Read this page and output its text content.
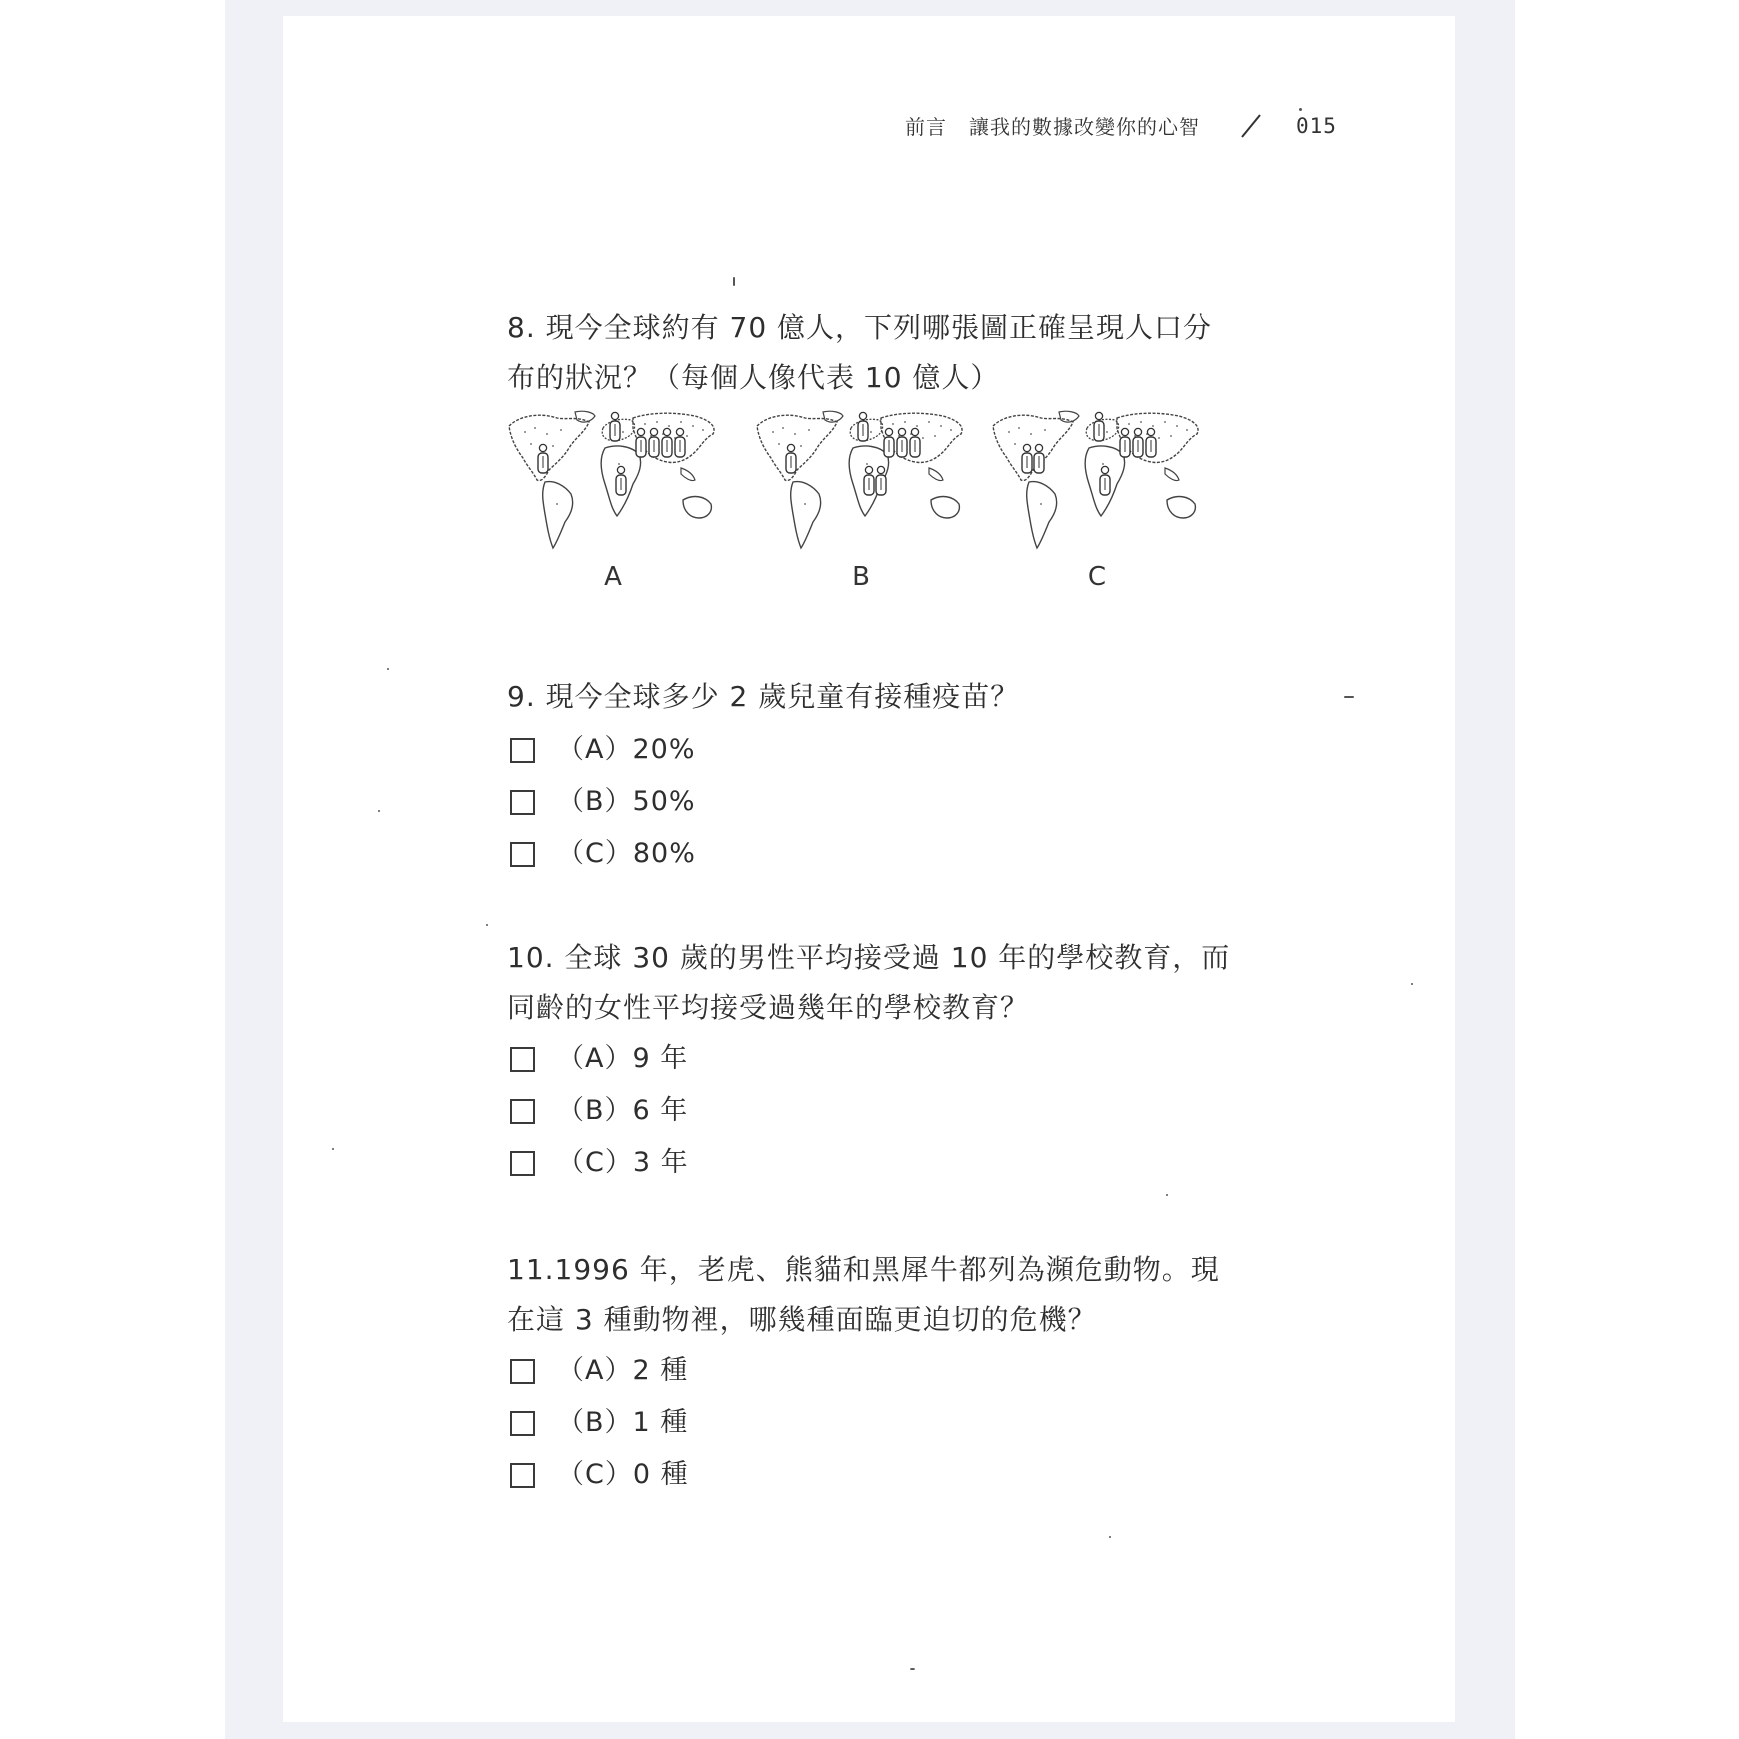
前言 讓我的數據改變你的心智	015
8. 現今全球約有 70 億人，下列哪張圖正確呈現人口分
布的狀況？（每個人像代表 10 億人）
A	B	C
9. 現今全球多少 2 歲兒童有接種疫苗？
（A）20%
（B）50%
（C）80%
10. 全球 30 歲的男性平均接受過 10 年的學校教育，而
同齡的女性平均接受過幾年的學校教育？
（A）9 年
（B）6 年
（C）3 年
11.1996 年，老虎、熊貓和黑犀牛都列為瀕危動物。現
在這 3 種動物裡，哪幾種面臨更迫切的危機？
（A）2 種
（B）1 種
（C）0 種
